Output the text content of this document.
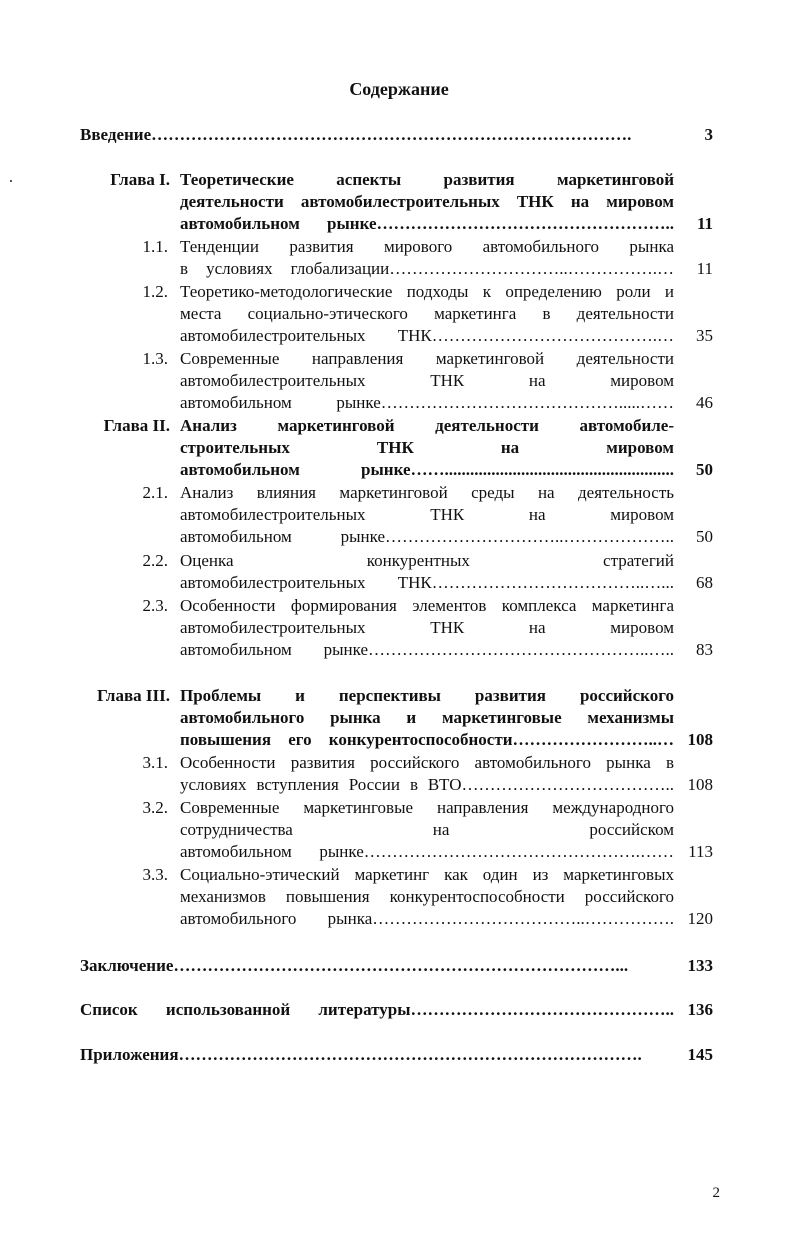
Содержание
Введение………………………………………………………………………….	3
Глава I. Теоретические аспекты развития маркетинговой
деятельности автомобилестроительных ТНК на мировом
автомобильном рынке……………………………………………..	11
1.1. Тенденции развития мирового автомобильного рынка
в условиях глобализации…………………………..…………….…	11
1.2. Теоретико-методологические подходы к определению роли и
места социально-этического маркетинга в деятельности
автомобилестроительных ТНК………………………………….…	35
1.3. Современные направления маркетинговой деятельности
автомобилестроительных ТНК на мировом
автомобильном рынке…………………………………….....……	46
Глава II. Анализ маркетинговой деятельности автомобиле-
строительных ТНК на мировом
автомобильном рынке……......................................................	50
2.1. Анализ влияния маркетинговой среды на деятельность
автомобилестроительных ТНК на мировом
автомобильном рынке…………………………..………………..	50
2.2. Оценка конкурентных стратегий
автомобилестроительных ТНК………………………………..…...	68
2.3. Особенности формирования элементов комплекса маркетинга
автомобилестроительных ТНК на мировом
автомобильном рынке…………………………………………..…..	83
Глава III. Проблемы и перспективы развития российского
автомобильного рынка и маркетинговые механизмы
повышения его конкурентоспособности……………………..… 108
3.1. Особенности развития российского автомобильного рынка в
условиях вступления России в ВТО……………………………….. 108
3.2. Современные маркетинговые направления международного
сотрудничества на российском
автомобильном рынке………………………………………….…… 113
3.3. Социально-этический маркетинг как один из маркетинговых
механизмов повышения конкурентоспособности российского
автомобильного рынка………………………………..……………. 120
Заключение……………………………………………………………………...	133
Список использованной литературы……………………………………….. 136
Приложения……………………………………………………………………….	145
2
